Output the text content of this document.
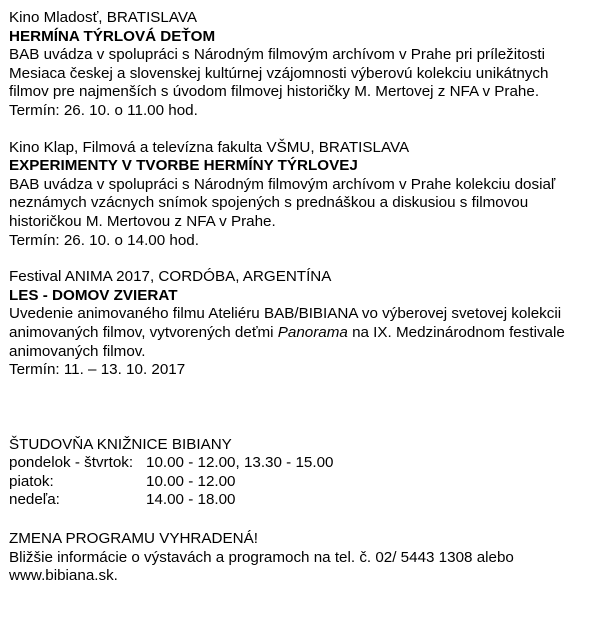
Kino Mladosť, BRATISLAVA
HERMÍNA TÝRLOVÁ DEŤOM
BAB uvádza v spolupráci s Národným filmovým archívom v Prahe pri príležitosti
Mesiaca českej a slovenskej kultúrnej vzájomnosti výberovú kolekciu unikátnych
filmov pre najmenších s úvodom filmovej historičky M. Mertovej z NFA v Prahe.
Termín: 26. 10. o 11.00 hod.
Kino Klap, Filmová a televízna fakulta VŠMU, BRATISLAVA
EXPERIMENTY V TVORBE HERMÍNY TÝRLOVEJ
BAB uvádza v spolupráci s Národným filmovým archívom v Prahe kolekciu dosiaľ
neznámych vzácnych snímok spojených s prednáškou a diskusiou s filmovou
historičkou M. Mertovou z NFA v Prahe.
Termín: 26. 10. o 14.00 hod.
Festival ANIMA 2017, CORDÓBA, ARGENTÍNA
LES - DOMOV ZVIERAT
Uvedenie animovaného filmu Ateliéru BAB/BIBIANA vo výberovej svetovej kolekcii
animovaných filmov, vytvorených deťmi Panorama na IX. Medzinárodnom festivale
animovaných filmov.
Termín: 11. – 13. 10. 2017
ŠTUDOVŇA KNIŽNICE BIBIANY
pondelok - štvrtok: 10.00 - 12.00, 13.30 - 15.00
piatok:	10.00 - 12.00
nedeľa:	14.00 - 18.00
ZMENA PROGRAMU VYHRADENÁ!
Bližšie informácie o výstavách a programoch na tel. č. 02/ 5443 1308 alebo
www.bibiana.sk.
